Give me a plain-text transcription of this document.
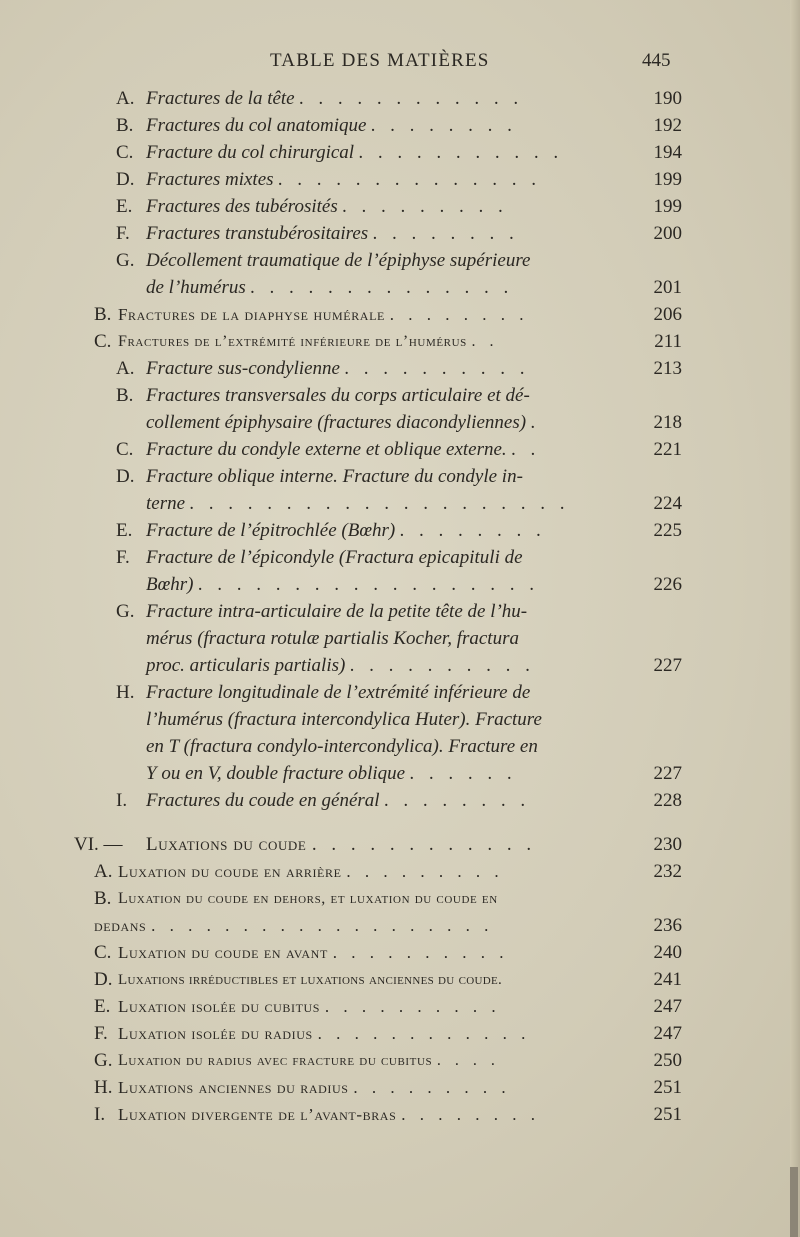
TABLE DES MATIÈRES	445
A. Fractures de la tête . . . . . . . . . . . .	190
B. Fractures du col anatomique . . . . . . . .	192
C. Fracture du col chirurgical . . . . . . . . . . .	194
D. Fractures mixtes . . . . . . . . . . . . . .	199
E. Fractures des tubérosités . . . . . . . . .	199
F. Fractures transtubérositaires . . . . . . . .	200
G. Décollement traumatique de l’épiphyse supérieure
de l’humérus . . . . . . . . . . . . . .	201
B. Fractures de la diaphyse humérale . . . . . . . .	206
C. Fractures de l’extrémité inférieure de l’humérus . .	211
A. Fracture sus-condylienne . . . . . . . . . .	213
B. Fractures transversales du corps articulaire et dé-
collement épiphysaire (fractures diacondyliennes) .	218
C. Fracture du condyle externe et oblique externe. . .	221
D. Fracture oblique interne. Fracture du condyle in-
terne . . . . . . . . . . . . . . . . . . . .	224
E. Fracture de l’épitrochlée (Bœhr) . . . . . . . .	225
F. Fracture de l’épicondyle (Fractura epicapituli de
Bœhr) . . . . . . . . . . . . . . . . . .	226
G. Fracture intra-articulaire de la petite tête de l’hu-
mérus (fractura rotulæ partialis Kocher, fractura
proc. articularis partialis) . . . . . . . . . .	227
H. Fracture longitudinale de l’extrémité inférieure de
l’humérus (fractura intercondylica Huter). Fracture
en T (fractura condylo-intercondylica). Fracture en
Y ou en V, double fracture oblique . . . . . .	227
I. Fractures du coude en général . . . . . . . .	228
VI. — Luxations du coude . . . . . . . . . . . .	230
A. Luxation du coude en arrière . . . . . . . . .	232
B. Luxation du coude en dehors, et luxation du coude en
dedans . . . . . . . . . . . . . . . . . . .	236
C. Luxation du coude en avant . . . . . . . . . .	240
D. Luxations irréductibles et luxations anciennes du coude.	241
E. Luxation isolée du cubitus . . . . . . . . . .	247
F. Luxation isolée du radius . . . . . . . . . . . .	247
G. Luxation du radius avec fracture du cubitus . . . .	250
H. Luxations anciennes du radius . . . . . . . . .	251
I. Luxation divergente de l’avant-bras . . . . . . . .	251
